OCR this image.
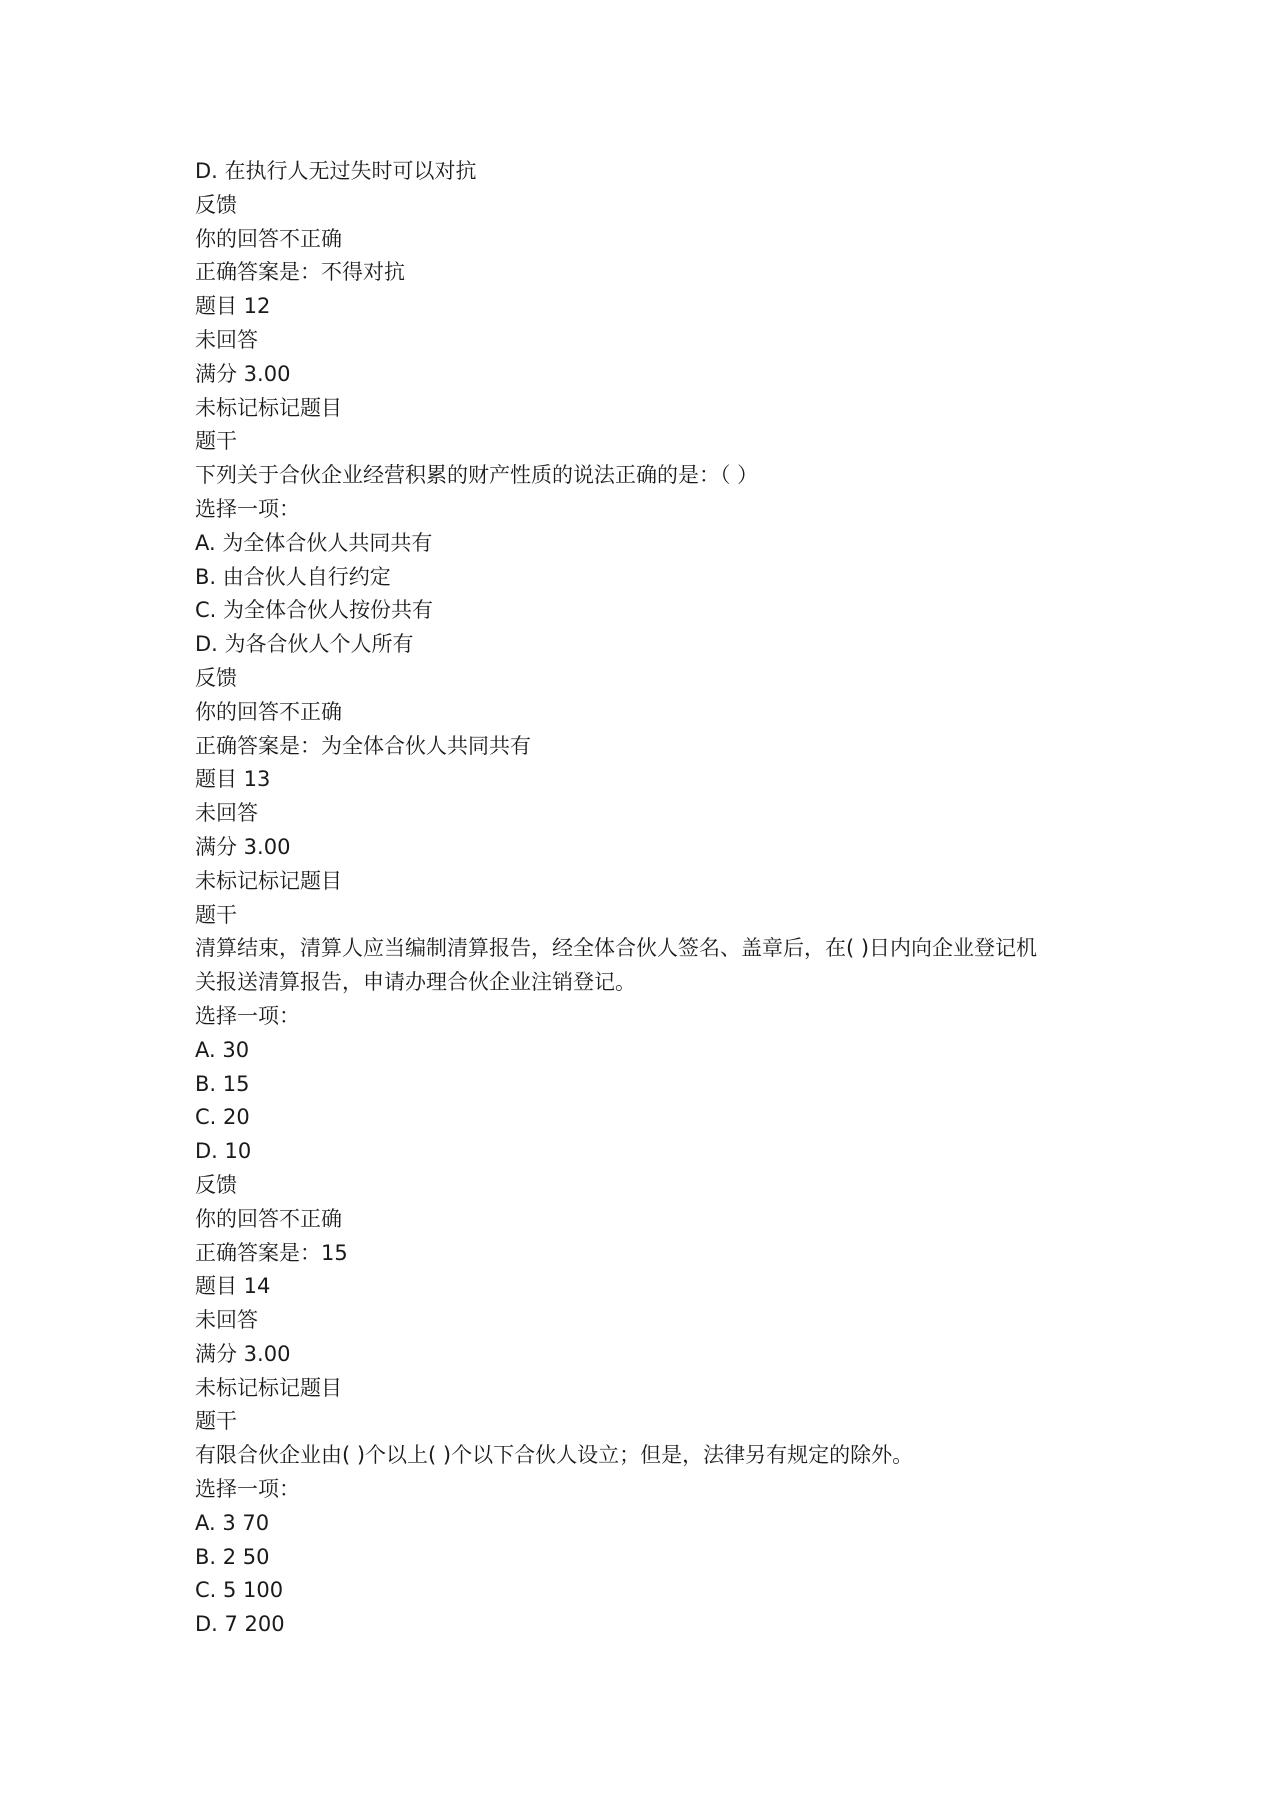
D. 在执行人无过失时可以对抗
反馈
你的回答不正确
正确答案是：不得对抗
题目 12
未回答
满分 3.00
未标记标记题目
题干
下列关于合伙企业经营积累的财产性质的说法正确的是：（ ）
选择一项：
A. 为全体合伙人共同共有
B. 由合伙人自行约定
C. 为全体合伙人按份共有
D. 为各合伙人个人所有
反馈
你的回答不正确
正确答案是：为全体合伙人共同共有
题目 13
未回答
满分 3.00
未标记标记题目
题干
清算结束，清算人应当编制清算报告，经全体合伙人签名、盖章后，在( )日内向企业登记机
关报送清算报告，申请办理合伙企业注销登记。
选择一项：
A. 30
B. 15
C. 20
D. 10
反馈
你的回答不正确
正确答案是：15
题目 14
未回答
满分 3.00
未标记标记题目
题干
有限合伙企业由( )个以上( )个以下合伙人设立；但是，法律另有规定的除外。
选择一项：
A. 3 70
B. 2 50
C. 5 100
D. 7 200
